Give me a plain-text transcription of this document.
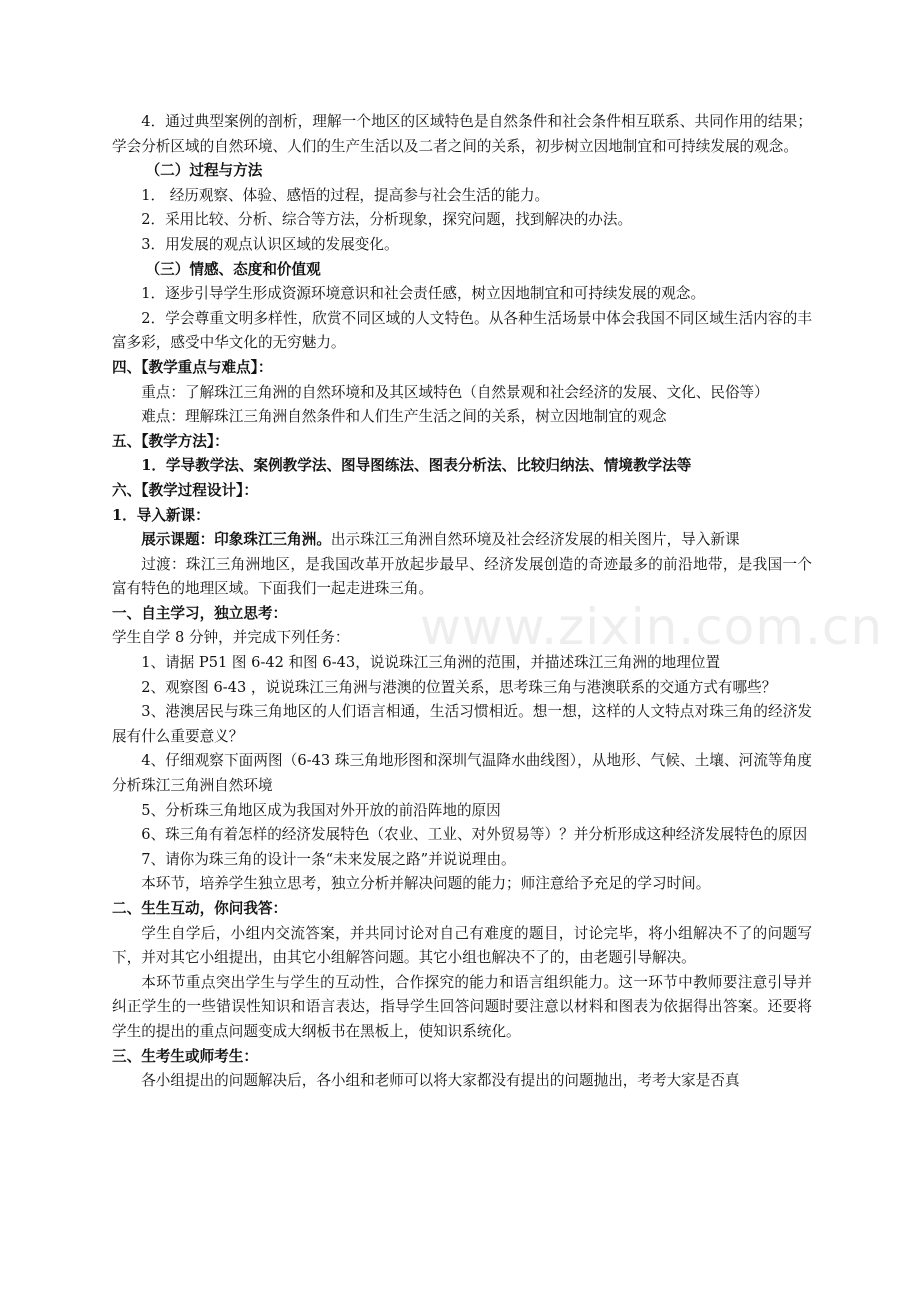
www.zixin.com.cn

4．通过典型案例的剖析，理解一个地区的区域特色是自然条件和社会条件相互联系、共同作用的结果；学会分析区域的自然环境、人们的生产生活以及二者之间的关系，初步树立因地制宜和可持续发展的观念。

（二）过程与方法

1． 经历观察、体验、感悟的过程，提高参与社会生活的能力。

2．采用比较、分析、综合等方法，分析现象，探究问题，找到解决的办法。

3．用发展的观点认识区域的发展变化。

（三）情感、态度和价值观

1．逐步引导学生形成资源环境意识和社会责任感，树立因地制宜和可持续发展的观念。

2．学会尊重文明多样性，欣赏不同区域的人文特色。从各种生活场景中体会我国不同区域生活内容的丰富多彩，感受中华文化的无穷魅力。

四、【教学重点与难点】：

重点：了解珠江三角洲的自然环境和及其区域特色（自然景观和社会经济的发展、文化、民俗等）

难点：理解珠江三角洲自然条件和人们生产生活之间的关系，树立因地制宜的观念

五、【教学方法】：

1．学导教学法、案例教学法、图导图练法、图表分析法、比较归纳法、情境教学法等

六、【教学过程设计】：

1．导入新课：

展示课题：印象珠江三角洲。出示珠江三角洲自然环境及社会经济发展的相关图片，导入新课

过渡：珠江三角洲地区，是我国改革开放起步最早、经济发展创造的奇迹最多的前沿地带，是我国一个富有特色的地理区域。下面我们一起走进珠三角。

一、自主学习，独立思考：

学生自学 8 分钟，并完成下列任务：

1、请据 P51 图 6-42 和图 6-43，说说珠江三角洲的范围，并描述珠江三角洲的地理位置

2、观察图 6-43 ，说说珠江三角洲与港澳的位置关系，思考珠三角与港澳联系的交通方式有哪些？

3、港澳居民与珠三角地区的人们语言相通，生活习惯相近。想一想，这样的人文特点对珠三角的经济发展有什么重要意义？

4、仔细观察下面两图（6-43 珠三角地形图和深圳气温降水曲线图），从地形、气候、土壤、河流等角度分析珠江三角洲自然环境

5、分析珠三角地区成为我国对外开放的前沿阵地的原因

6、珠三角有着怎样的经济发展特色（农业、工业、对外贸易等）？并分析形成这种经济发展特色的原因

7、请你为珠三角的设计一条“未来发展之路”并说说理由。

本环节，培养学生独立思考，独立分析并解决问题的能力；师注意给予充足的学习时间。

二、生生互动，你问我答：

学生自学后，小组内交流答案，并共同讨论对自己有难度的题目，讨论完毕，将小组解决不了的问题写下，并对其它小组提出，由其它小组解答问题。其它小组也解决不了的，由老题引导解决。

本环节重点突出学生与学生的互动性，合作探究的能力和语言组织能力。这一环节中教师要注意引导并纠正学生的一些错误性知识和语言表达，指导学生回答问题时要注意以材料和图表为依据得出答案。还要将学生的提出的重点问题变成大纲板书在黑板上，使知识系统化。

三、生考生或师考生：

各小组提出的问题解决后，各小组和老师可以将大家都没有提出的问题抛出，考考大家是否真
